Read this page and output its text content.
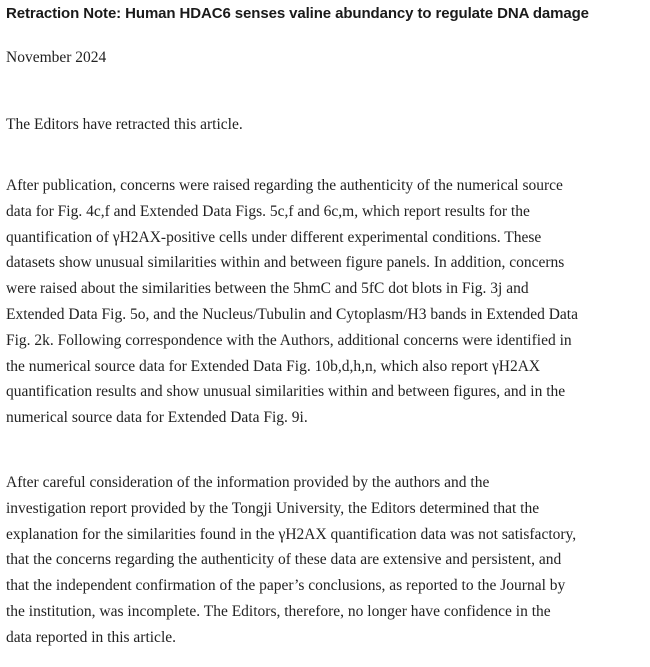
Retraction Note: Human HDAC6 senses valine abundancy to regulate DNA damage
November 2024

The Editors have retracted this article.

After publication, concerns were raised regarding the authenticity of the numerical source
data for Fig. 4c,f and Extended Data Figs. 5c,f and 6c,m, which report results for the
quantification of γH2AX-positive cells under different experimental conditions. These
datasets show unusual similarities within and between figure panels. In addition, concerns
were raised about the similarities between the 5hmC and 5fC dot blots in Fig. 3j and
Extended Data Fig. 5o, and the Nucleus/Tubulin and Cytoplasm/H3 bands in Extended Data
Fig. 2k. Following correspondence with the Authors, additional concerns were identified in
the numerical source data for Extended Data Fig. 10b,d,h,n, which also report γH2AX
quantification results and show unusual similarities within and between figures, and in the
numerical source data for Extended Data Fig. 9i.

After careful consideration of the information provided by the authors and the
investigation report provided by the Tongji University, the Editors determined that the
explanation for the similarities found in the γH2AX quantification data was not satisfactory,
that the concerns regarding the authenticity of these data are extensive and persistent, and
that the independent confirmation of the paper’s conclusions, as reported to the Journal by
the institution, was incomplete. The Editors, therefore, no longer have confidence in the
data reported in this article.
